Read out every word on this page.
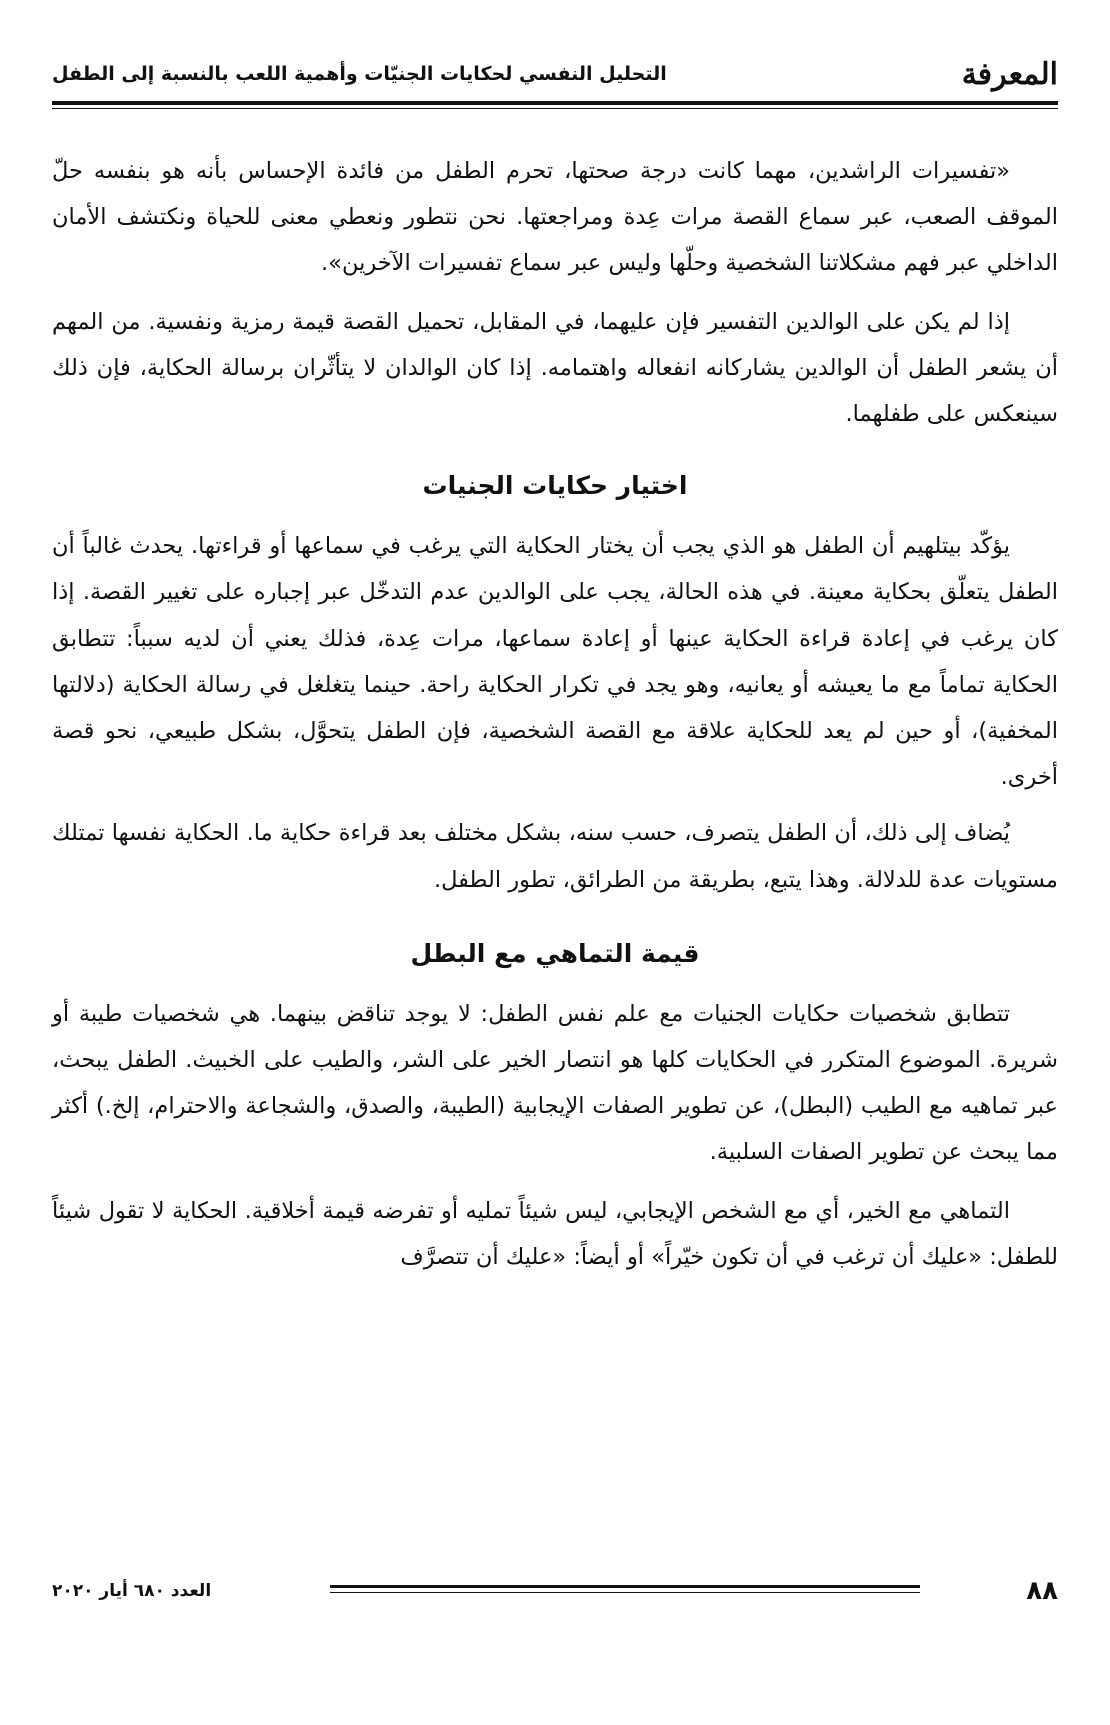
المعرفة
التحليل النفسي لحكايات الجنيّات وأهمية اللعب بالنسبة إلى الطفل

«تفسيرات الراشدين، مهما كانت درجة صحتها، تحرم الطفل من فائدة الإحساس بأنه هو بنفسه حلّ الموقف الصعب، عبر سماع القصة مرات عِدة ومراجعتها. نحن نتطور ونعطي معنى للحياة ونكتشف الأمان الداخلي عبر فهم مشكلاتنا الشخصية وحلّها وليس عبر سماع تفسيرات الآخرين».

إذا لم يكن على الوالدين التفسير فإن عليهما، في المقابل، تحميل القصة قيمة رمزية ونفسية. من المهم أن يشعر الطفل أن الوالدين يشاركانه انفعاله واهتمامه. إذا كان الوالدان لا يتأثّران برسالة الحكاية، فإن ذلك سينعكس على طفلهما.

اختيار حكايات الجنيات

يؤكّد بيتلهيم أن الطفل هو الذي يجب أن يختار الحكاية التي يرغب في سماعها أو قراءتها. يحدث غالباً أن الطفل يتعلّق بحكاية معينة. في هذه الحالة، يجب على الوالدين عدم التدخّل عبر إجباره على تغيير القصة. إذا كان يرغب في إعادة قراءة الحكاية عينها أو إعادة سماعها، مرات عِدة، فذلك يعني أن لديه سبباً: تتطابق الحكاية تماماً مع ما يعيشه أو يعانيه، وهو يجد في تكرار الحكاية راحة. حينما يتغلغل في رسالة الحكاية (دلالتها المخفية)، أو حين لم يعد للحكاية علاقة مع القصة الشخصية، فإن الطفل يتحوَّل، بشكل طبيعي، نحو قصة أخرى.

يُضاف إلى ذلك، أن الطفل يتصرف، حسب سنه، بشكل مختلف بعد قراءة حكاية ما. الحكاية نفسها تمتلك مستويات عدة للدلالة. وهذا يتبع، بطريقة من الطرائق، تطور الطفل.

قيمة التماهي مع البطل

تتطابق شخصيات حكايات الجنيات مع علم نفس الطفل: لا يوجد تناقض بينهما. هي شخصيات طيبة أو شريرة. الموضوع المتكرر في الحكايات كلها هو انتصار الخير على الشر، والطيب على الخبيث. الطفل يبحث، عبر تماهيه مع الطيب (البطل)، عن تطوير الصفات الإيجابية (الطيبة، والصدق، والشجاعة والاحترام، إلخ.) أكثر مما يبحث عن تطوير الصفات السلبية.

التماهي مع الخير، أي مع الشخص الإيجابي، ليس شيئاً تمليه أو تفرضه قيمة أخلاقية. الحكاية لا تقول شيئاً للطفل: «عليك أن ترغب في أن تكون خيّراً» أو أيضاً: «عليك أن تتصرَّف

٨٨
العدد ٦٨٠ أيار ٢٠٢٠
